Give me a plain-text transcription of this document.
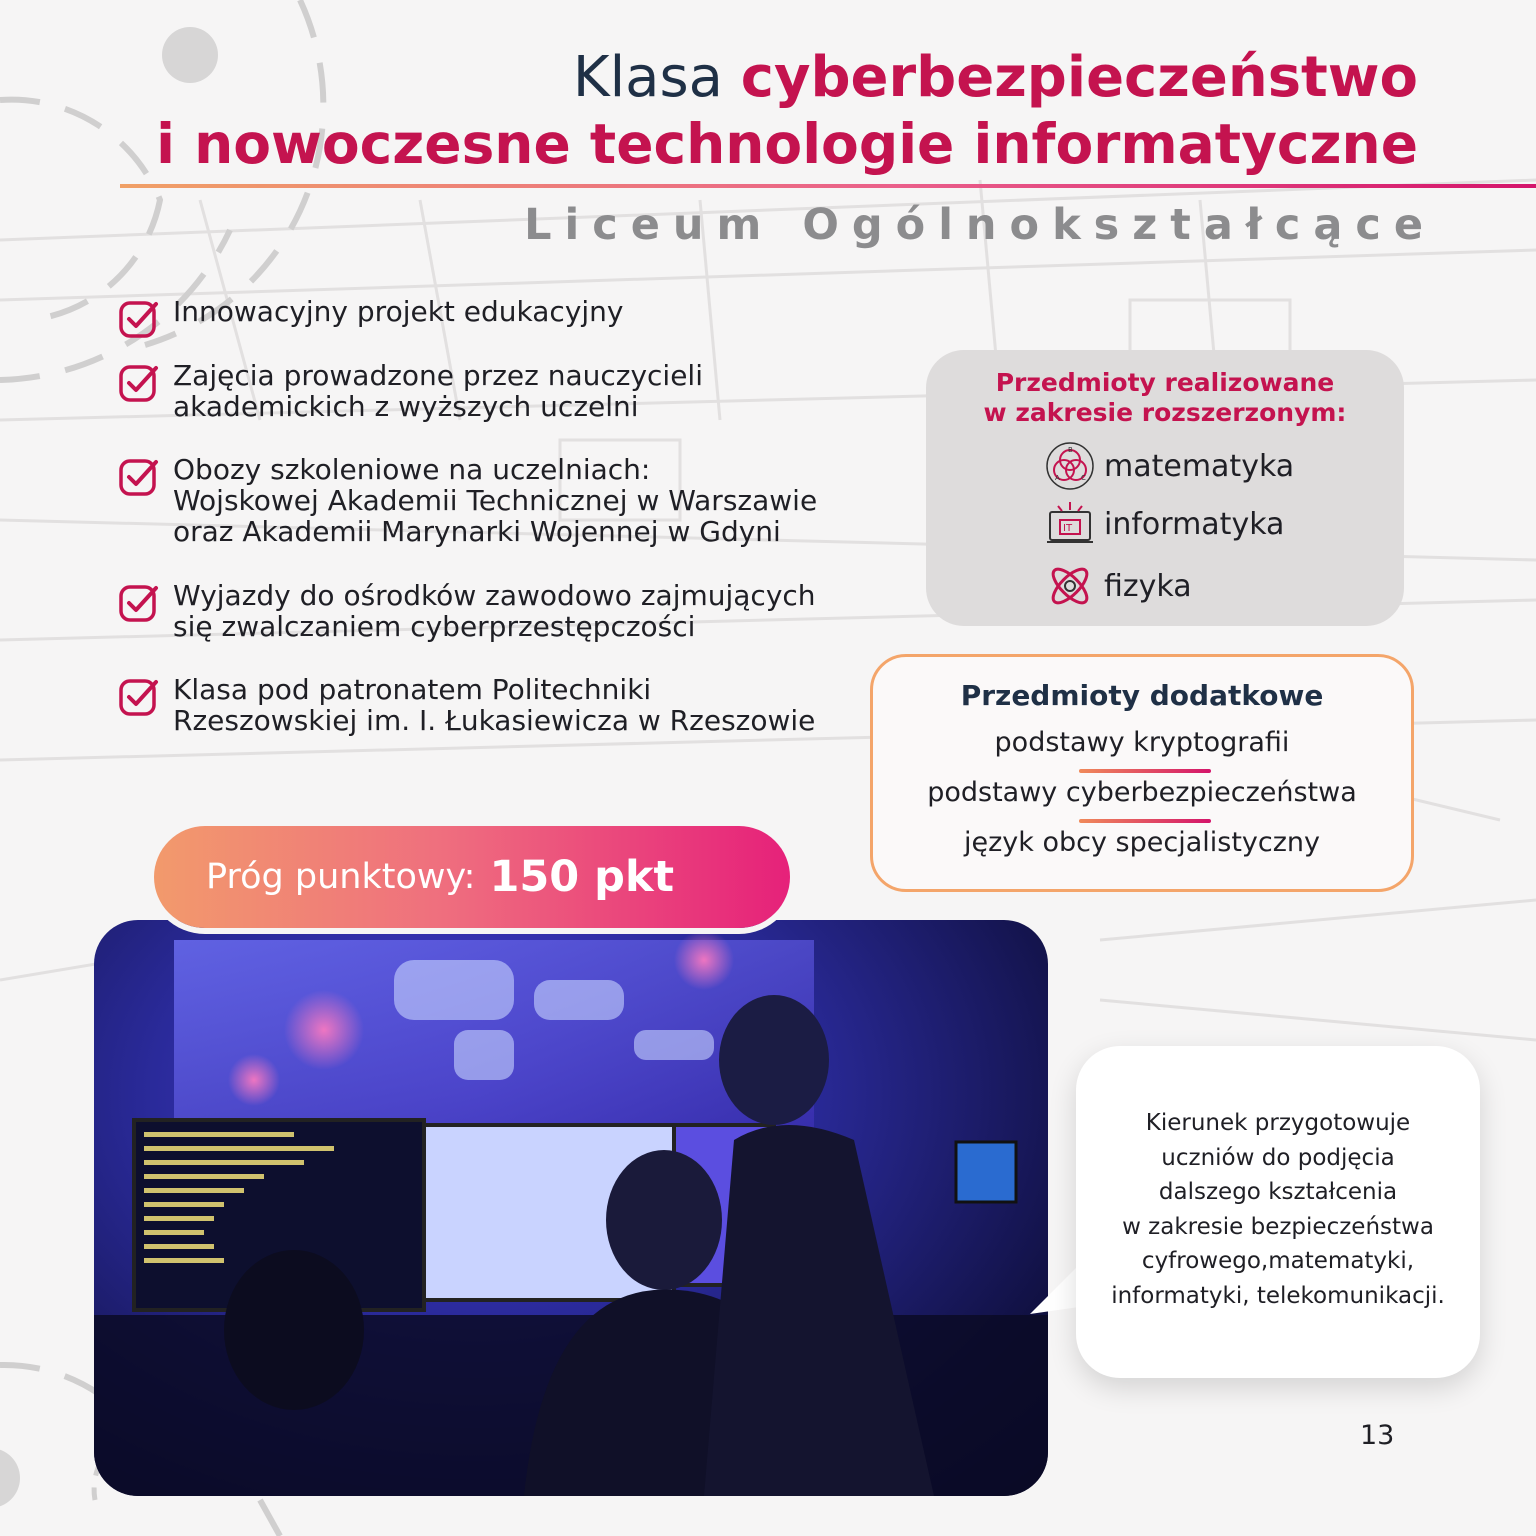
Klasa cyberbezpieczeństwo
i nowoczesne technologie informatyczne
Liceum Ogólnokształcące
Innowacyjny projekt edukacyjny
Zajęcia prowadzone przez nauczycieli
akademickich z wyższych uczelni
Obozy szkoleniowe na uczelniach:
Wojskowej Akademii Technicznej w Warszawie
oraz Akademii Marynarki Wojennej w Gdyni
Wyjazdy do ośrodków zawodowo zajmujących
się zwalczaniem cyberprzestępczości
Klasa pod patronatem Politechniki
Rzeszowskiej im. I. Łukasiewicza w Rzeszowie
Przedmioty realizowane
w zakresie rozszerzonym:
B
A	C matematyka
IT informatyka
fizyka
Przedmioty dodatkowe
podstawy kryptografii
podstawy cyberbezpieczeństwa
język obcy specjalistyczny
Próg punktowy: 150 pkt
Kierunek przygotowuje
uczniów do podjęcia
dalszego kształcenia
w zakresie bezpieczeństwa
cyfrowego,matematyki,
informatyki, telekomunikacji.
13
